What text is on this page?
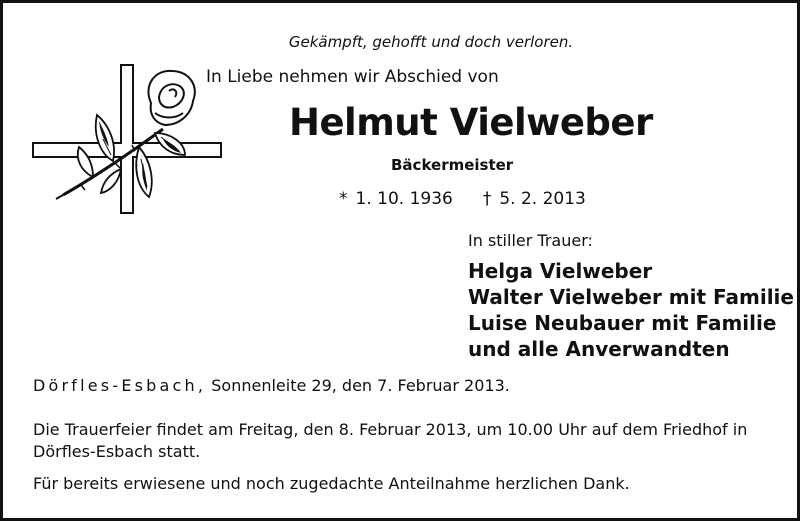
Gekämpft, gehofft und doch verloren.
In Liebe nehmen wir Abschied von
Helmut Vielweber
Bäckermeister
* 1. 10. 1936 † 5. 2. 2013
In stiller Trauer:
Helga Vielweber
Walter Vielweber mit Familie
Luise Neubauer mit Familie
und alle Anverwandten
Dörfles-Esbach, Sonnenleite 29, den 7. Februar 2013.
Die Trauerfeier findet am Freitag, den 8. Februar 2013, um 10.00 Uhr auf dem Friedhof in Dörfles-Esbach statt.
Für bereits erwiesene und noch zugedachte Anteilnahme herzlichen Dank.
